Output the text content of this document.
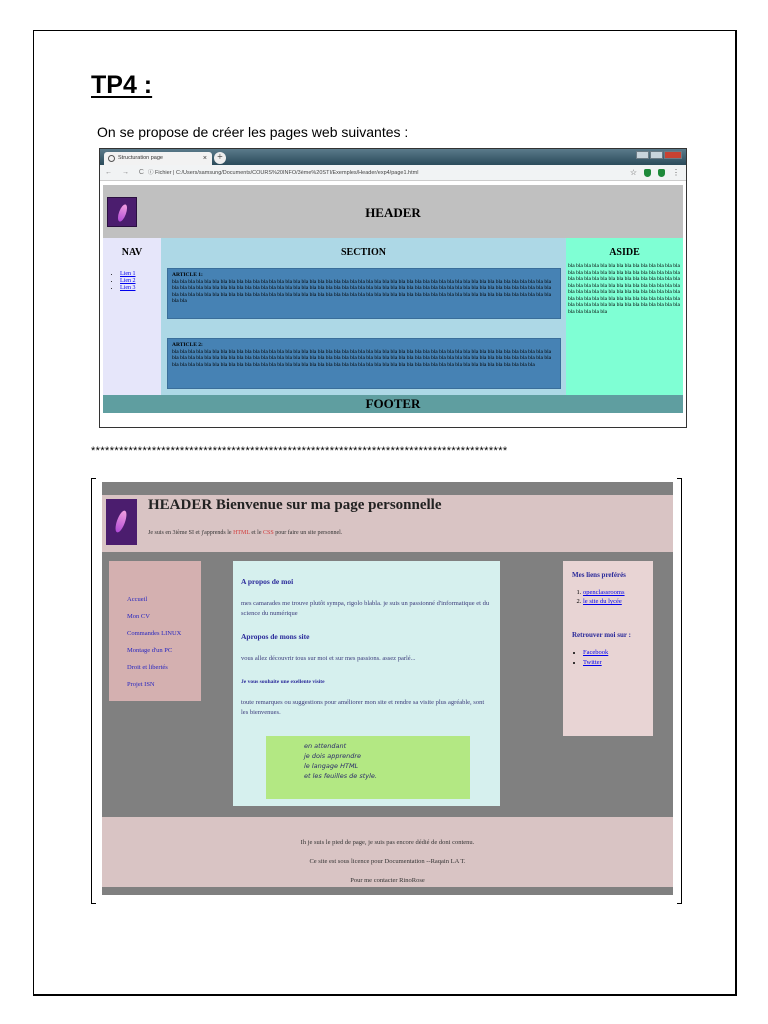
TP4 :
On se propose de créer les pages web suivantes :
Structuration page	×	+
← → C ⓘ Fichier | C:/Users/samsung/Documents/COURS%20INFO/3ème%20STI/Exemples/Header/exp4/page1.html	☆	⋮
HEADER
NAV
• Lien 1
• Lien 2
• Lien 3
SECTION
ARTICLE 1:
bla bla bla bla bla bla bla bla bla bla bla bla bla bla bla bla bla bla bla bla bla bla bla bla bla bla bla bla bla bla bla bla bla bla bla bla bla bla bla bla bla bla bla bla bla bla bla bla bla bla bla bla bla bla bla bla bla bla bla bla bla bla bla bla bla bla bla bla bla bla bla bla bla bla bla bla bla bla bla bla bla bla bla bla bla bla bla bla bla bla bla bla bla bla bla bla bla bla bla bla bla bla bla bla bla bla bla bla bla bla bla bla bla bla bla bla bla bla bla bla bla bla bla bla bla bla bla bla bla bla bla bla bla bla bla bla bla bla bla bla bla bla bla
ARTICLE 2:
bla bla bla bla bla bla bla bla bla bla bla bla bla bla bla bla bla bla bla bla bla bla bla bla bla bla bla bla bla bla bla bla bla bla bla bla bla bla bla bla bla bla bla bla bla bla bla bla bla bla bla bla bla bla bla bla bla bla bla bla bla bla bla bla bla bla bla bla bla bla bla bla bla bla bla bla bla bla bla bla bla bla bla bla bla bla bla bla bla bla bla bla bla bla bla bla bla bla bla bla bla bla bla bla bla bla bla bla bla bla bla bla bla bla bla bla bla bla bla bla bla bla bla bla bla bla bla bla bla bla bla bla bla bla bla bla bla bla bla
ASIDE
bla bla bla bla bla bla bla bla bla bla bla bla bla bla bla bla bla bla bla bla bla bla bla bla bla bla bla bla bla bla bla bla bla bla bla bla bla bla bla bla bla bla bla bla bla bla bla bla bla bla bla bla bla bla bla bla bla bla bla bla bla bla bla bla bla bla bla bla bla bla bla bla bla bla bla bla bla bla bla bla bla bla bla bla bla bla bla bla bla bla bla bla bla bla bla bla bla bla bla bla bla bla bla
FOOTER
*****************************************************************************************
HEADER Bienvenue sur ma page personnelle
Je suis en 3ième SI et j'apprends le HTML et le CSS pour faire un site personnel.
Accueil
Mon CV
Commandes LINUX
Montage d'un PC
Droit et libertés
Projet ISN
A propos de moi

mes camarades me trouve plutôt sympa, rigolo blabla. je suis un passionné d'informatique et du science du numérique

Apropos de mons site

vous allez découvrir tous sur moi et sur mes passions. assez parlé...

Je vous souhaite une exellente visite

toute remarques ou suggestions pour améliorer mon site et rendre sa visite plus agréable, sont les bienvenues.

en attendant
je dois apprendre
le langage HTML
et les feuilles de style.
Mes liens preférés
1. openclassrooms
2. le site du lycée
Retrouver moi sur :
• Facebook
• Twitter
Ih je suis le pied de page, je suis pas encore dédié de doni contenu.
Ce site est sous licence pour Documentation --Raqain LA T.
Pour me contacter RinoRose
